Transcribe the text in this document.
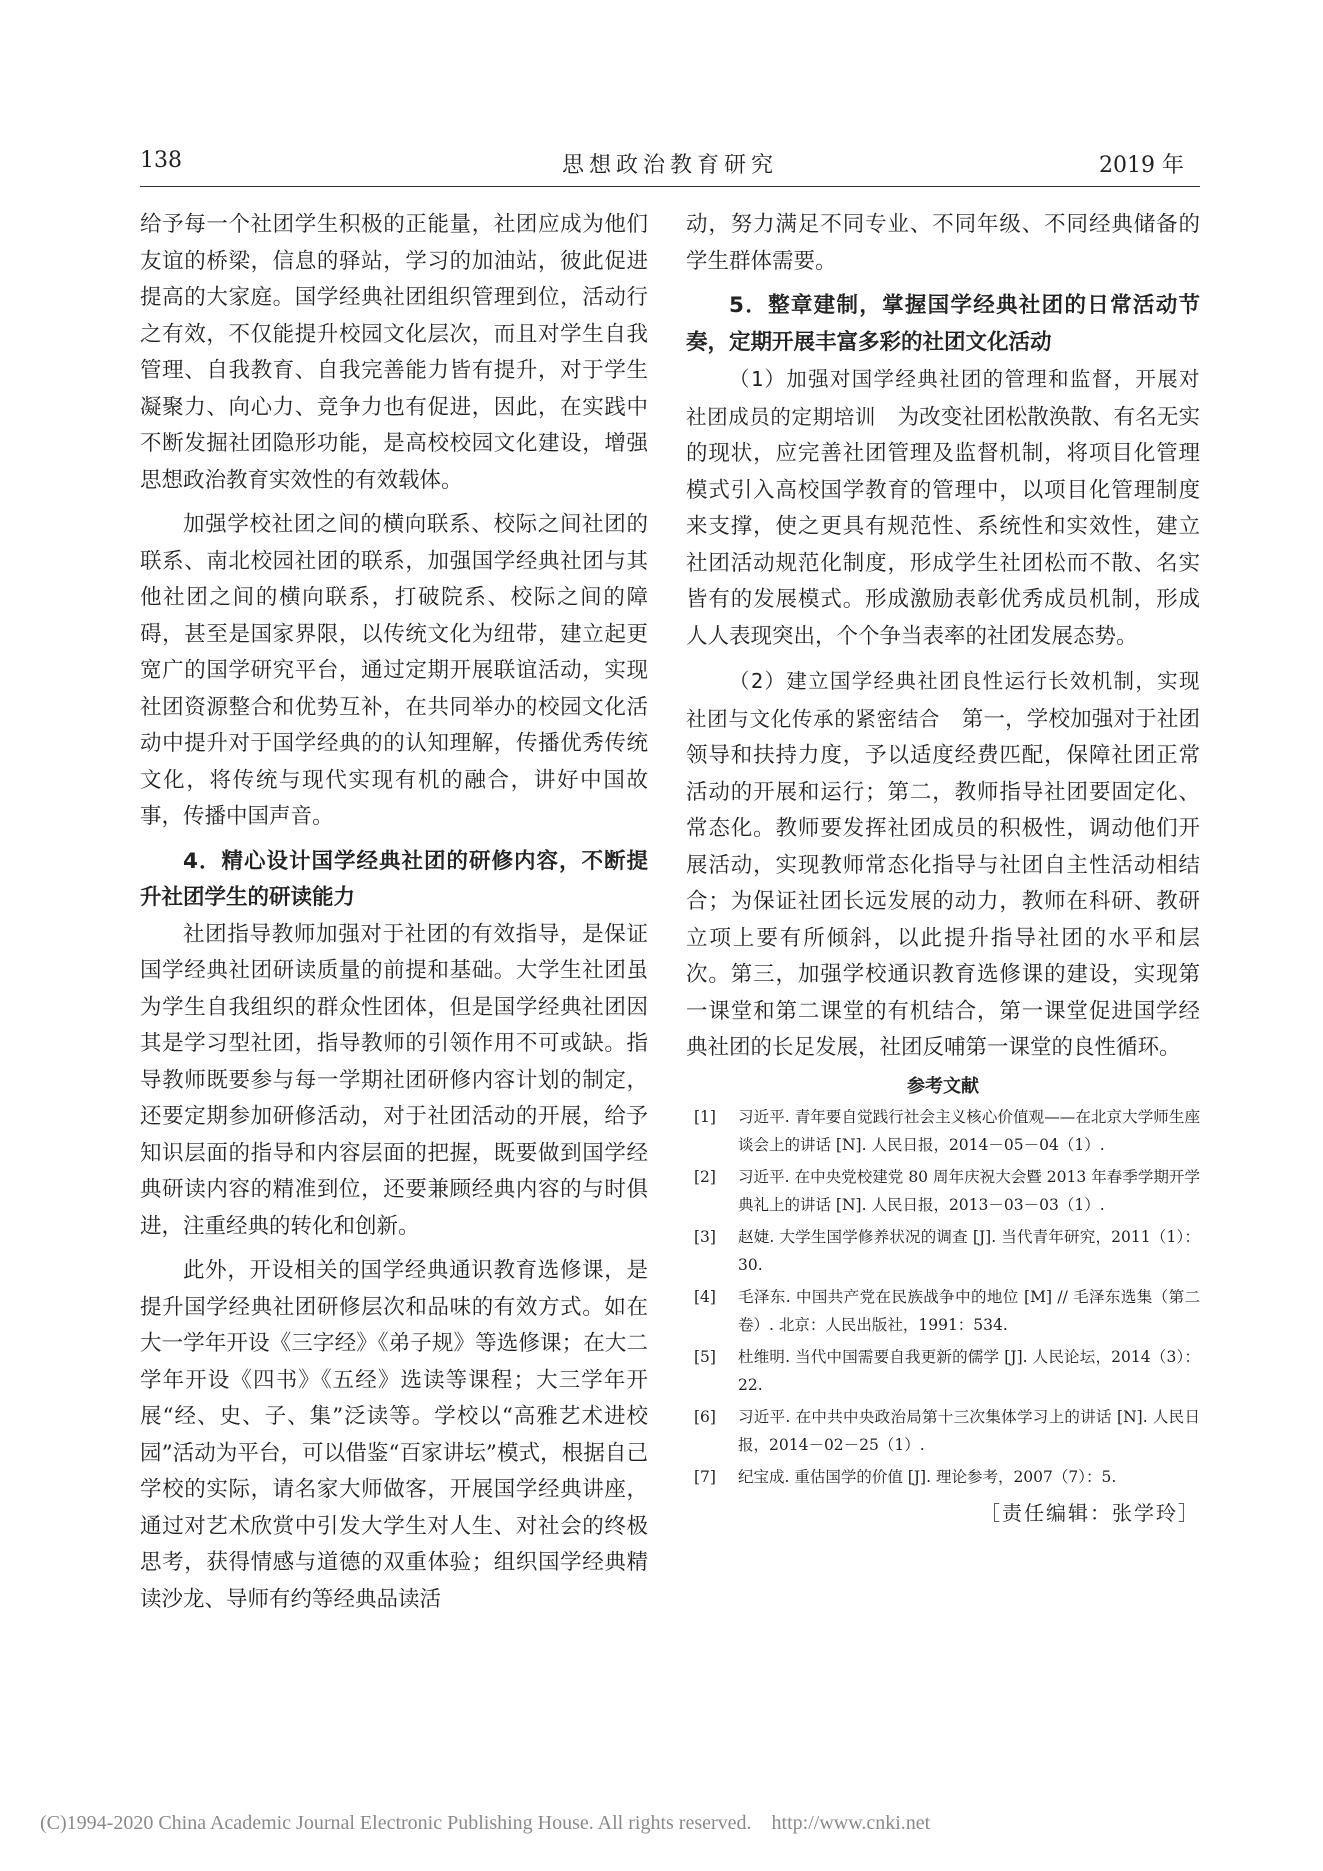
138	思想政治教育研究	2019 年

给予每一个社团学生积极的正能量，社团应成为他们友谊的桥梁，信息的驿站，学习的加油站，彼此促进提高的大家庭。国学经典社团组织管理到位，活动行之有效，不仅能提升校园文化层次，而且对学生自我管理、自我教育、自我完善能力皆有提升，对于学生凝聚力、向心力、竞争力也有促进，因此，在实践中不断发掘社团隐形功能，是高校校园文化建设，增强思想政治教育实效性的有效载体。

加强学校社团之间的横向联系、校际之间社团的联系、南北校园社团的联系，加强国学经典社团与其他社团之间的横向联系，打破院系、校际之间的障碍，甚至是国家界限，以传统文化为纽带，建立起更宽广的国学研究平台，通过定期开展联谊活动，实现社团资源整合和优势互补，在共同举办的校园文化活动中提升对于国学经典的的认知理解，传播优秀传统文化，将传统与现代实现有机的融合，讲好中国故事，传播中国声音。

4．精心设计国学经典社团的研修内容，不断提升社团学生的研读能力

社团指导教师加强对于社团的有效指导，是保证国学经典社团研读质量的前提和基础。大学生社团虽为学生自我组织的群众性团体，但是国学经典社团因其是学习型社团，指导教师的引领作用不可或缺。指导教师既要参与每一学期社团研修内容计划的制定，还要定期参加研修活动，对于社团活动的开展，给予知识层面的指导和内容层面的把握，既要做到国学经典研读内容的精准到位，还要兼顾经典内容的与时俱进，注重经典的转化和创新。

此外，开设相关的国学经典通识教育选修课，是提升国学经典社团研修层次和品味的有效方式。如在大一学年开设《三字经》《弟子规》等选修课；在大二学年开设《四书》《五经》选读等课程；大三学年开展“经、史、子、集”泛读等。学校以“高雅艺术进校园”活动为平台，可以借鉴“百家讲坛”模式，根据自己学校的实际，请名家大师做客，开展国学经典讲座，通过对艺术欣赏中引发大学生对人生、对社会的终极思考，获得情感与道德的双重体验；组织国学经典精读沙龙、导师有约等经典品读活

动，努力满足不同专业、不同年级、不同经典储备的学生群体需要。

5．整章建制，掌握国学经典社团的日常活动节奏，定期开展丰富多彩的社团文化活动

（1）加强对国学经典社团的管理和监督，开展对社团成员的定期培训　 为改变社团松散涣散、有名无实的现状，应完善社团管理及监督机制，将项目化管理模式引入高校国学教育的管理中，以项目化管理制度来支撑，使之更具有规范性、系统性和实效性，建立社团活动规范化制度，形成学生社团松而不散、名实皆有的发展模式。形成激励表彰优秀成员机制，形成人人表现突出，个个争当表率的社团发展态势。

（2）建立国学经典社团良性运行长效机制，实现社团与文化传承的紧密结合　 第一，学校加强对于社团领导和扶持力度，予以适度经费匹配，保障社团正常活动的开展和运行；第二，教师指导社团要固定化、常态化。教师要发挥社团成员的积极性，调动他们开展活动，实现教师常态化指导与社团自主性活动相结合；为保证社团长远发展的动力，教师在科研、教研立项上要有所倾斜，以此提升指导社团的水平和层次。第三，加强学校通识教育选修课的建设，实现第一课堂和第二课堂的有机结合，第一课堂促进国学经典社团的长足发展，社团反哺第一课堂的良性循环。

参考文献
[1]	习近平. 青年要自觉践行社会主义核心价值观——在北京大学师生座谈会上的讲话 [N]. 人民日报，2014－05－04（1）.
[2]	习近平. 在中央党校建党 80 周年庆祝大会暨 2013 年春季学期开学典礼上的讲话 [N]. 人民日报，2013－03－03（1）.
[3]	赵婕. 大学生国学修养状况的调查 [J]. 当代青年研究，2011（1）：30.
[4]	毛泽东. 中国共产党在民族战争中的地位 [M] // 毛泽东选集（第二卷）. 北京：人民出版社，1991：534.
[5]	杜维明. 当代中国需要自我更新的儒学 [J]. 人民论坛，2014（3）：22.
[6]	习近平. 在中共中央政治局第十三次集体学习上的讲话 [N]. 人民日报，2014－02－25（1）.
[7]	纪宝成. 重估国学的价值 [J]. 理论参考，2007（7）：5.
［责任编辑：张学玲］
(C)1994-2020 China Academic Journal Electronic Publishing House. All rights reserved.    http://www.cnki.net
